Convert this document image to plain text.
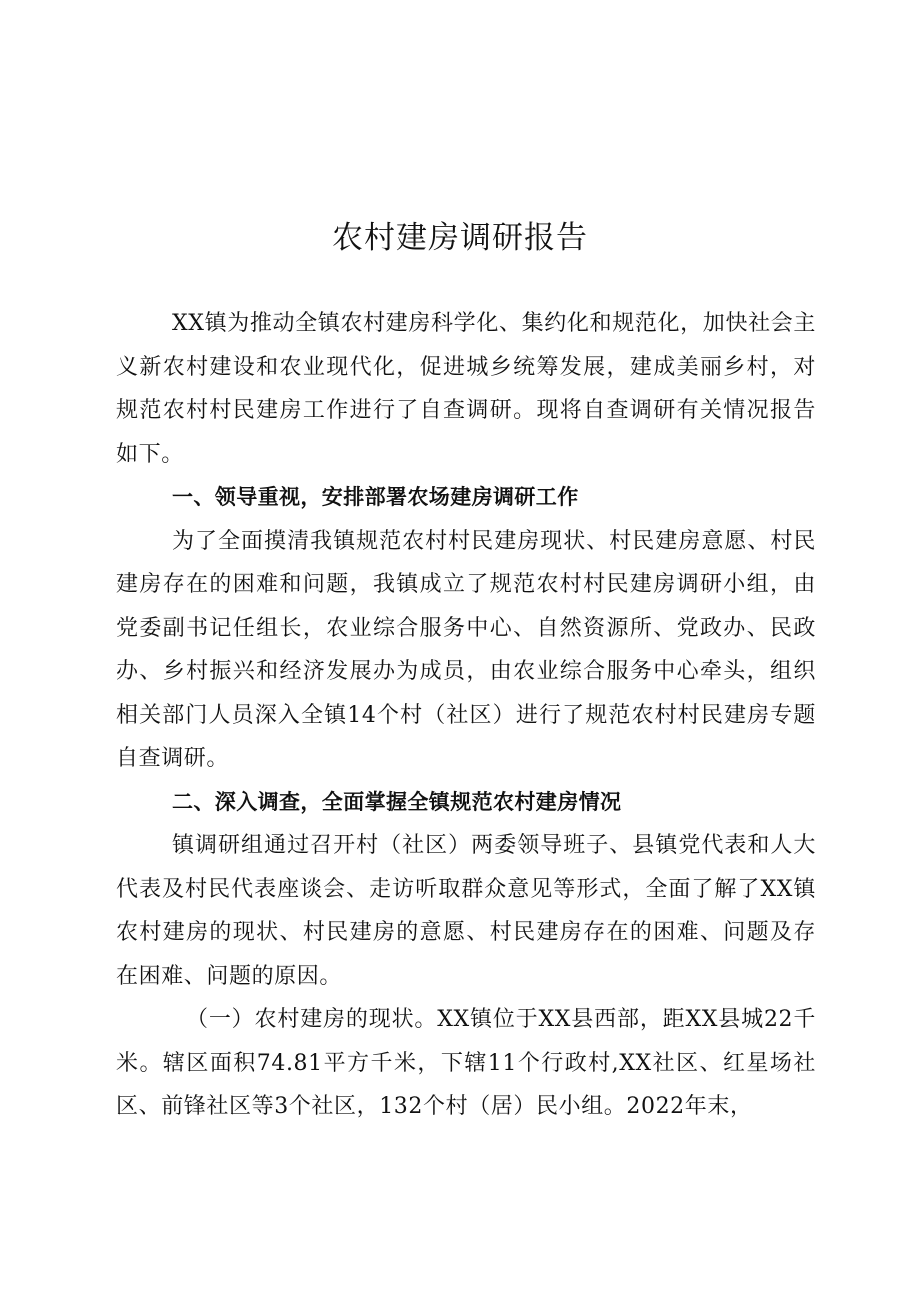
农村建房调研报告

XX镇为推动全镇农村建房科学化、集约化和规范化，加快社会主义新农村建设和农业现代化，促进城乡统筹发展，建成美丽乡村，对规范农村村民建房工作进行了自查调研。现将自查调研有关情况报告如下。

一、领导重视，安排部署农场建房调研工作

为了全面摸清我镇规范农村村民建房现状、村民建房意愿、村民建房存在的困难和问题，我镇成立了规范农村村民建房调研小组，由党委副书记任组长，农业综合服务中心、自然资源所、党政办、民政办、乡村振兴和经济发展办为成员，由农业综合服务中心牵头，组织相关部门人员深入全镇14个村（社区）进行了规范农村村民建房专题自查调研。

二、深入调查，全面掌握全镇规范农村建房情况

镇调研组通过召开村（社区）两委领导班子、县镇党代表和人大代表及村民代表座谈会、走访听取群众意见等形式，全面了解了XX镇农村建房的现状、村民建房的意愿、村民建房存在的困难、问题及存在困难、问题的原因。

（一）农村建房的现状。XX镇位于XX县西部，距XX县城22千米。辖区面积74.81平方千米，下辖11个行政村,XX社区、红星场社区、前锋社区等3个社区，132个村（居）民小组。2022年末，
